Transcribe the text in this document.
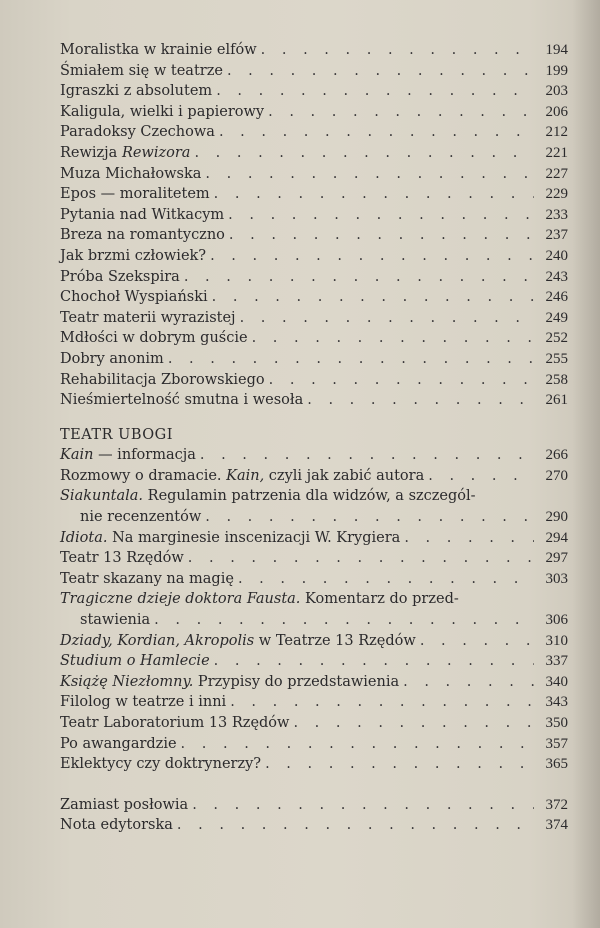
Moralistka w krainie elfów . . .	194
Śmiałem się w teatrze . . .	199
Igraszki z absolutem . . .	203
Kaligula, wielki i papierowy . . .	206
Paradoksy Czechowa . . .	212
Rewizja Rewizora . . .	221
Muza Michałowska . . .	227
Epos — moralitetem . . .	229
Pytania nad Witkacym . . .	233
Breza na romantyczno . . .	237
Jak brzmi człowiek? . . .	240
Próba Szekspira . . .	243
Chochoł Wyspiański . . .	246
Teatr materii wyrazistej . . .	249
Mdłości w dobrym guście . . .	252
Dobry anonim . . .	255
Rehabilitacja Zborowskiego . . .	258
Nieśmiertelność smutna i wesoła . . .	261
TEATR UBOGI
Kain — informacja . . .	266
Rozmowy o dramacie. Kain, czyli jak zabić autora . . .	270
Siakuntala. Regulamin patrzenia dla widzów, a szczegól-
nie recenzentów . . .	290
Idiota. Na marginesie inscenizacji W. Krygiera . . .	294
Teatr 13 Rzędów . . .	297
Teatr skazany na magię . . .	303
Tragiczne dzieje doktora Fausta. Komentarz do przed-
stawienia . . .	306
Dziady, Kordian, Akropolis w Teatrze 13 Rzędów . . .	310
Studium o Hamlecie . . .	337
Książę Niezłomny. Przypisy do przedstawienia . . .	340
Filolog w teatrze i inni . . .	343
Teatr Laboratorium 13 Rzędów . . .	350
Po awangardzie . . .	357
Eklektycy czy doktrynerzy? . . .	365
Zamiast posłowia . . .	372
Nota edytorska . . .	374
